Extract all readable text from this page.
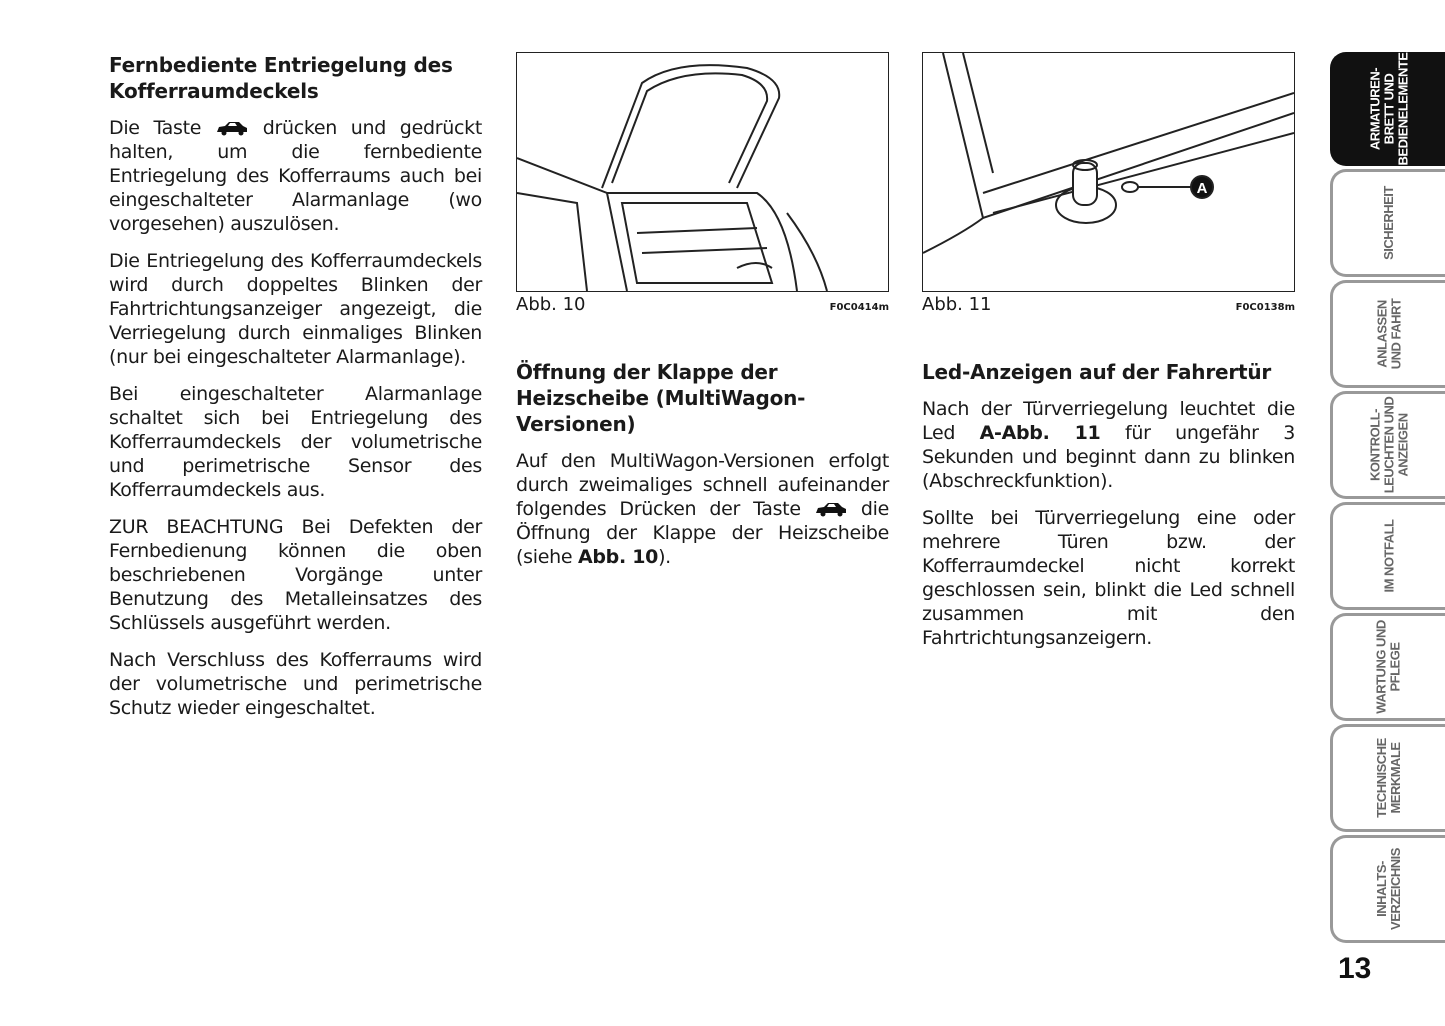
Fernbediente Entriegelung des Kofferraumdeckels

Die Taste	drücken und gedrückt halten, um die fernbediente Entriegelung des Kofferraums auch bei eingeschalteter Alarmanlage (wo vorgesehen) auszulösen.

Die Entriegelung des Kofferraumdeckels wird durch doppeltes Blinken der Fahrtrichtungsanzeiger angezeigt, die Verriegelung durch einmaliges Blinken (nur bei eingeschalteter Alarmanlage).

Bei eingeschalteter Alarmanlage schaltet sich bei Entriegelung des Kofferraumdeckels der volumetrische und perimetrische Sensor des Kofferraumdeckels aus.

ZUR BEACHTUNG Bei Defekten der Fernbedienung können die oben beschriebenen Vorgänge unter Benutzung des Metalleinsatzes des Schlüssels ausgeführt werden.

Nach Verschluss des Kofferraums wird der volumetrische und perimetrische Schutz wieder eingeschaltet.

Abb. 10	F0C0414m
Öffnung der Klappe der Heizscheibe (MultiWagon-Versionen)

Auf den MultiWagon-Versionen erfolgt durch zweimaliges schnell aufeinander folgendes Drücken der Taste	die Öffnung der Klappe der Heizscheibe (siehe Abb. 10).

A
Abb. 11	F0C0138m
Led-Anzeigen auf der Fahrertür

Nach der Türverriegelung leuchtet die Led A-Abb. 11 für ungefähr 3 Sekunden und beginnt dann zu blinken (Abschreckfunktion).

Sollte bei Türverriegelung eine oder mehrere Türen bzw. der Kofferraumdeckel nicht korrekt geschlossen sein, blinkt die Led schnell zusammen mit den Fahrtrichtungsanzeigern.

ARMATUREN-
BRETT UND
BEDIENELEMENTE
SICHERHEIT
ANLASSEN
UND FAHRT
KONTROLL-
LEUCHTEN UND
ANZEIGEN
IM NOTFALL
WARTUNG UND
PFLEGE
TECHNISCHE
MERKMALE
INHALTS-
VERZEICHNIS
13
